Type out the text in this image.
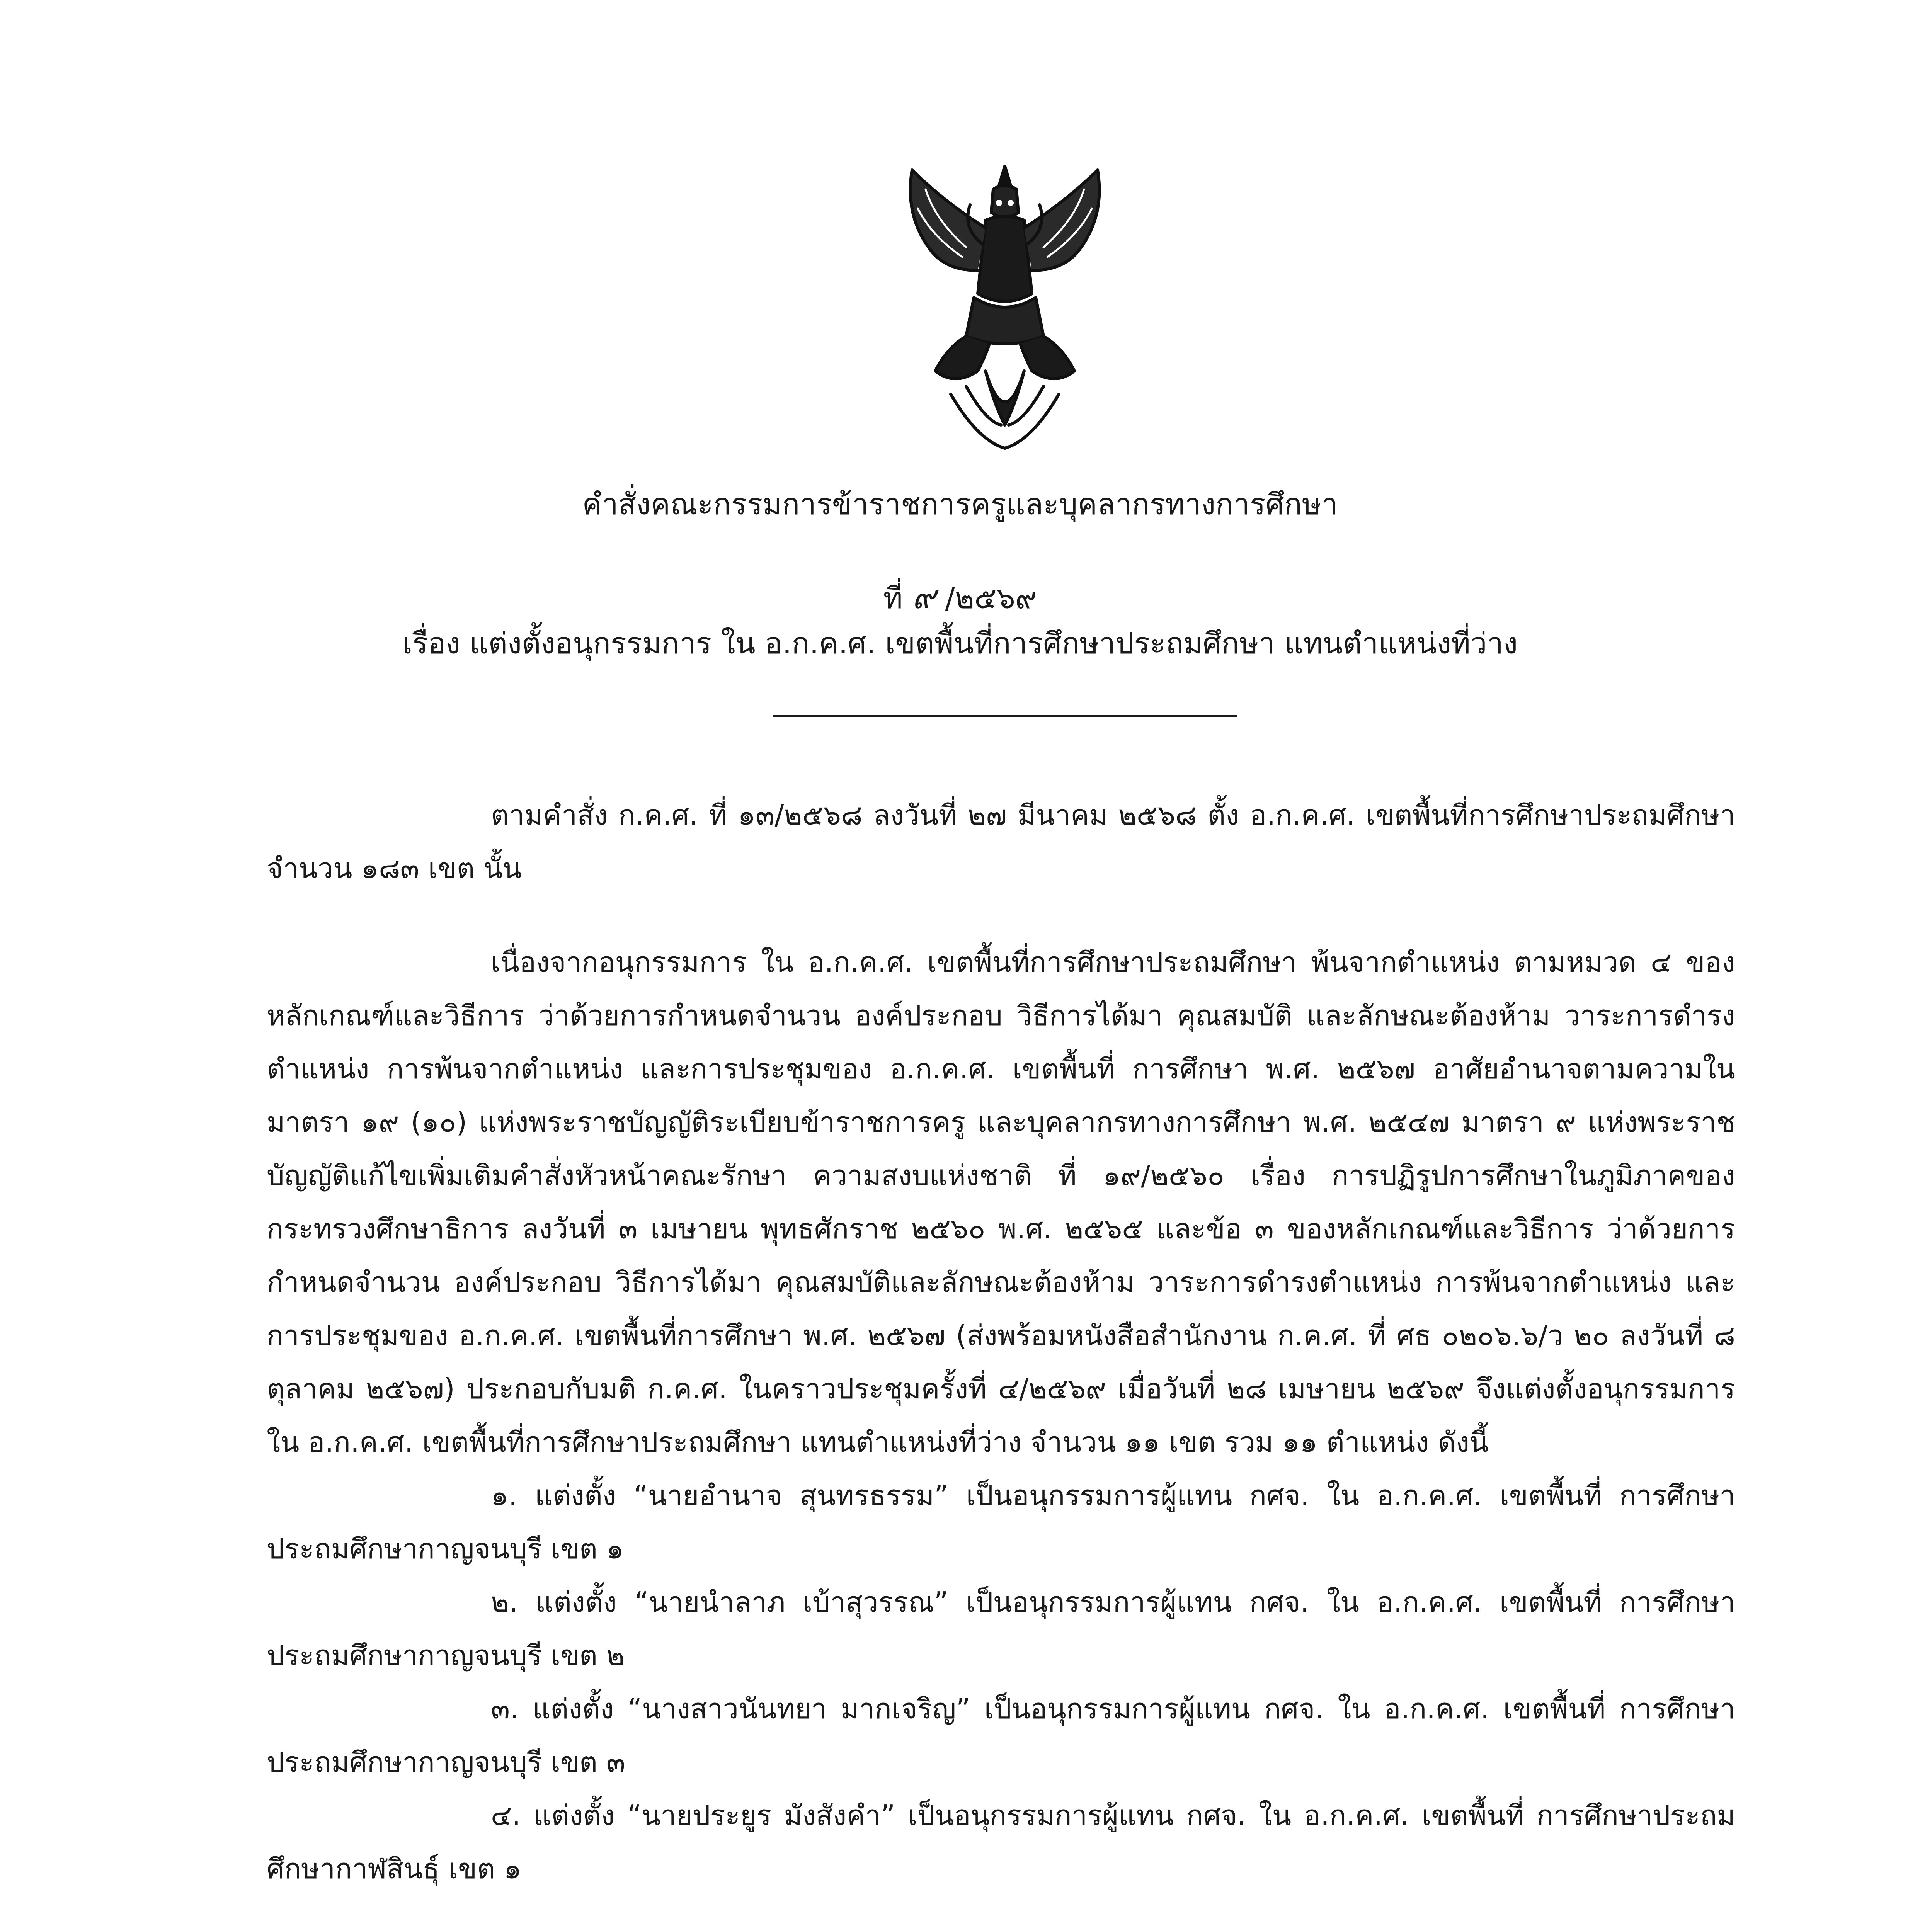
คำสั่งคณะกรรมการข้าราชการครูและบุคลากรทางการศึกษา
ที่ ๙ /๒๕๖๙
เรื่อง แต่งตั้งอนุกรรมการ ใน อ.ก.ค.ศ. เขตพื้นที่การศึกษาประถมศึกษา แทนตำแหน่งที่ว่าง

ตามคำสั่ง ก.ค.ศ. ที่ ๑๓/๒๕๖๘ ลงวันที่ ๒๗ มีนาคม ๒๕๖๘ ตั้ง อ.ก.ค.ศ. เขตพื้นที่การศึกษาประถมศึกษา จำนวน ๑๘๓ เขต นั้น

เนื่องจากอนุกรรมการ ใน อ.ก.ค.ศ. เขตพื้นที่การศึกษาประถมศึกษา พ้นจากตำแหน่ง ตามหมวด ๔ ของหลักเกณฑ์และวิธีการ ว่าด้วยการกำหนดจำนวน องค์ประกอบ วิธีการได้มา คุณสมบัติ และลักษณะต้องห้าม วาระการดำรงตำแหน่ง การพ้นจากตำแหน่ง และการประชุมของ อ.ก.ค.ศ. เขตพื้นที่ การศึกษา พ.ศ. ๒๕๖๗ อาศัยอำนาจตามความในมาตรา ๑๙ (๑๐) แห่งพระราชบัญญัติระเบียบข้าราชการครู และบุคลากรทางการศึกษา พ.ศ. ๒๕๔๗ มาตรา ๙ แห่งพระราชบัญญัติแก้ไขเพิ่มเติมคำสั่งหัวหน้าคณะรักษา ความสงบแห่งชาติ ที่ ๑๙/๒๕๖๐ เรื่อง การปฏิรูปการศึกษาในภูมิภาคของกระทรวงศึกษาธิการ ลงวันที่ ๓ เมษายน พุทธศักราช ๒๕๖๐ พ.ศ. ๒๕๖๕ และข้อ ๓ ของหลักเกณฑ์และวิธีการ ว่าด้วยการกำหนดจำนวน องค์ประกอบ วิธีการได้มา คุณสมบัติและลักษณะต้องห้าม วาระการดำรงตำแหน่ง การพ้นจากตำแหน่ง และการประชุมของ อ.ก.ค.ศ. เขตพื้นที่การศึกษา พ.ศ. ๒๕๖๗ (ส่งพร้อมหนังสือสำนักงาน ก.ค.ศ. ที่ ศธ ๐๒๐๖.๖/ว ๒๐ ลงวันที่ ๘ ตุลาคม ๒๕๖๗) ประกอบกับมติ ก.ค.ศ. ในคราวประชุมครั้งที่ ๔/๒๕๖๙ เมื่อวันที่ ๒๘ เมษายน ๒๕๖๙ จึงแต่งตั้งอนุกรรมการ ใน อ.ก.ค.ศ. เขตพื้นที่การศึกษาประถมศึกษา แทนตำแหน่งที่ว่าง จำนวน ๑๑ เขต รวม ๑๑ ตำแหน่ง ดังนี้

๑. แต่งตั้ง “นายอำนาจ สุนทรธรรม” เป็นอนุกรรมการผู้แทน กศจ. ใน อ.ก.ค.ศ. เขตพื้นที่ การศึกษาประถมศึกษากาญจนบุรี เขต ๑

๒. แต่งตั้ง “นายนำลาภ เบ้าสุวรรณ” เป็นอนุกรรมการผู้แทน กศจ. ใน อ.ก.ค.ศ. เขตพื้นที่ การศึกษาประถมศึกษากาญจนบุรี เขต ๒

๓. แต่งตั้ง “นางสาวนันทยา มากเจริญ” เป็นอนุกรรมการผู้แทน กศจ. ใน อ.ก.ค.ศ. เขตพื้นที่ การศึกษาประถมศึกษากาญจนบุรี เขต ๓

๔. แต่งตั้ง “นายประยูร มังสังคำ” เป็นอนุกรรมการผู้แทน กศจ. ใน อ.ก.ค.ศ. เขตพื้นที่ การศึกษาประถมศึกษากาฬสินธุ์ เขต ๑
